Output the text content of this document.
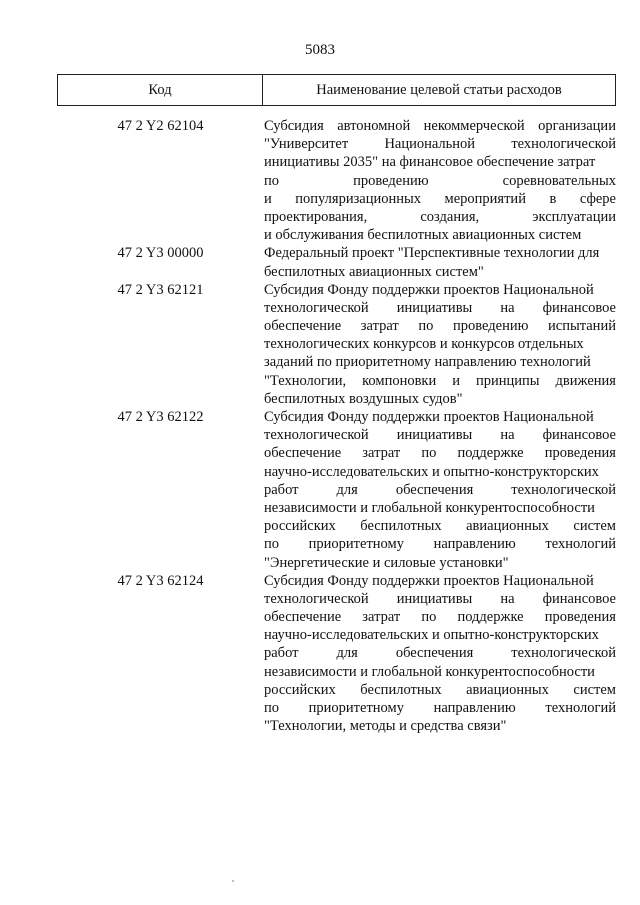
5083
Код	Наименование целевой статьи расходов
47 2 Y2 62104	Субсидия автономной некоммерческой организации
"Университет	Национальной	технологической
инициативы 2035" на финансовое обеспечение затрат
по	проведению	соревновательных
и популяризационных мероприятий в сфере
проектирования,	создания,	эксплуатации
и обслуживания беспилотных авиационных систем
47 2 Y3 00000	Федеральный проект "Перспективные технологии для
беспилотных авиационных систем"
47 2 Y3 62121	Субсидия Фонду поддержки проектов Национальной
технологической инициативы на финансовое
обеспечение затрат по проведению испытаний
технологических конкурсов и конкурсов отдельных
заданий по приоритетному направлению технологий
"Технологии, компоновки и принципы движения
беспилотных воздушных судов"
47 2 Y3 62122	Субсидия Фонду поддержки проектов Национальной
технологической инициативы на финансовое
обеспечение затрат по поддержке проведения
научно-исследовательских и опытно-конструкторских
работ	для	обеспечения	технологической
независимости и глобальной конкурентоспособности
российских беспилотных авиационных систем
по приоритетному направлению технологий
"Энергетические и силовые установки"
47 2 Y3 62124	Субсидия Фонду поддержки проектов Национальной
технологической инициативы на финансовое
обеспечение затрат по поддержке проведения
научно-исследовательских и опытно-конструкторских
работ	для	обеспечения	технологической
независимости и глобальной конкурентоспособности
российских беспилотных авиационных систем
по приоритетному направлению технологий
"Технологии, методы и средства связи"
